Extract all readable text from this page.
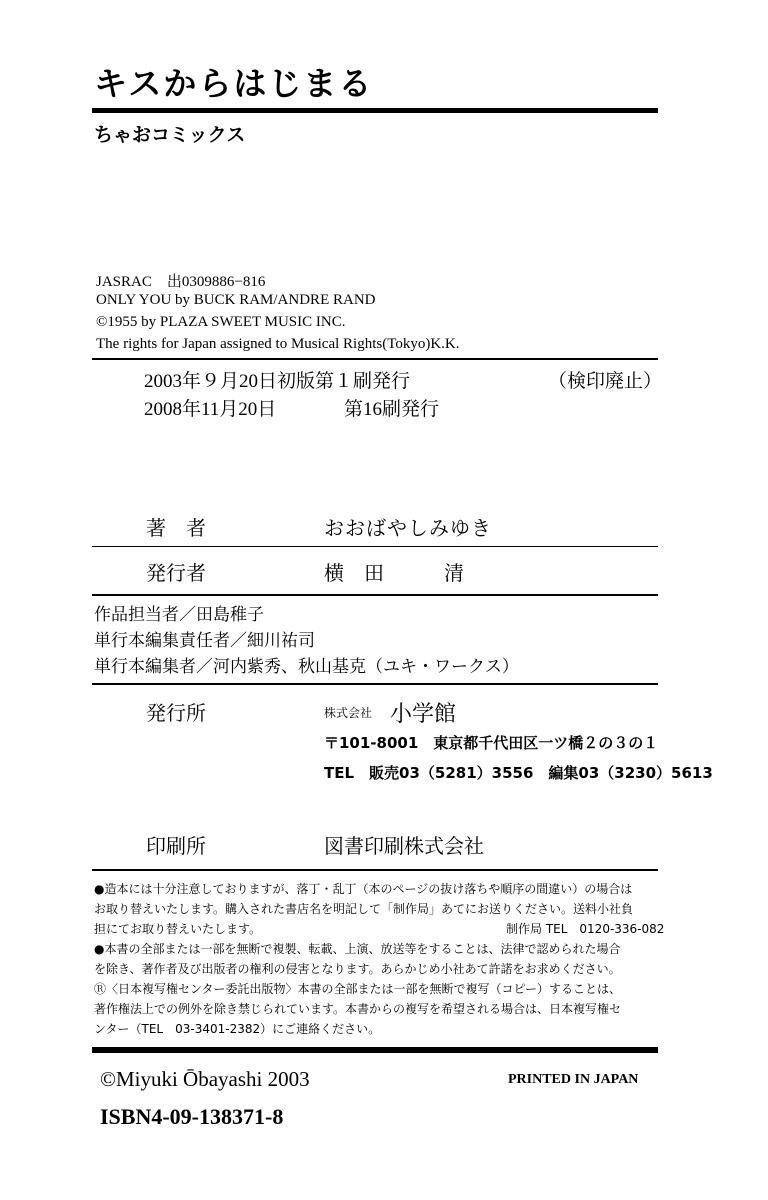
キスからはじまる
ちゃおコミックス
JASRAC　出0309886−816
ONLY YOU by BUCK RAM/ANDRE RAND
©1955 by PLAZA SWEET MUSIC INC.
The rights for Japan assigned to Musical Rights(Tokyo)K.K.
2003年９月20日初版第１刷発行	（検印廃止）
2008年11月20日	第16刷発行
著　者	おおばやしみゆき
発行者	横　田　　　清
作品担当者／田島稚子
単行本編集責任者／細川祐司
単行本編集者／河内紫秀、秋山基克（ユキ・ワークス）
発行所	株式会社 小学館
〒101-8001　東京都千代田区一ツ橋２の３の１
TEL　販売03（5281）3556　編集03（3230）5613
印刷所	図書印刷株式会社
●造本には十分注意しておりますが、落丁・乱丁（本のページの抜け落ちや順序の間違い）の場合は
お取り替えいたします。購入された書店名を明記して「制作局」あてにお送りください。送料小社負
担にてお取り替えいたします。	制作局 TEL　0120-336-082
●本書の全部または一部を無断で複製、転載、上演、放送等をすることは、法律で認められた場合
を除き、著作者及び出版者の権利の侵害となります。あらかじめ小社あて許諾をお求めください。
Ⓡ〈日本複写権センター委託出版物〉本書の全部または一部を無断で複写（コピー）することは、
著作権法上での例外を除き禁じられています。本書からの複写を希望される場合は、日本複写権セ
ンター（TEL　03-3401-2382）にご連絡ください。
©Miyuki Ōbayashi 2003	PRINTED IN JAPAN
ISBN4-09-138371-8
